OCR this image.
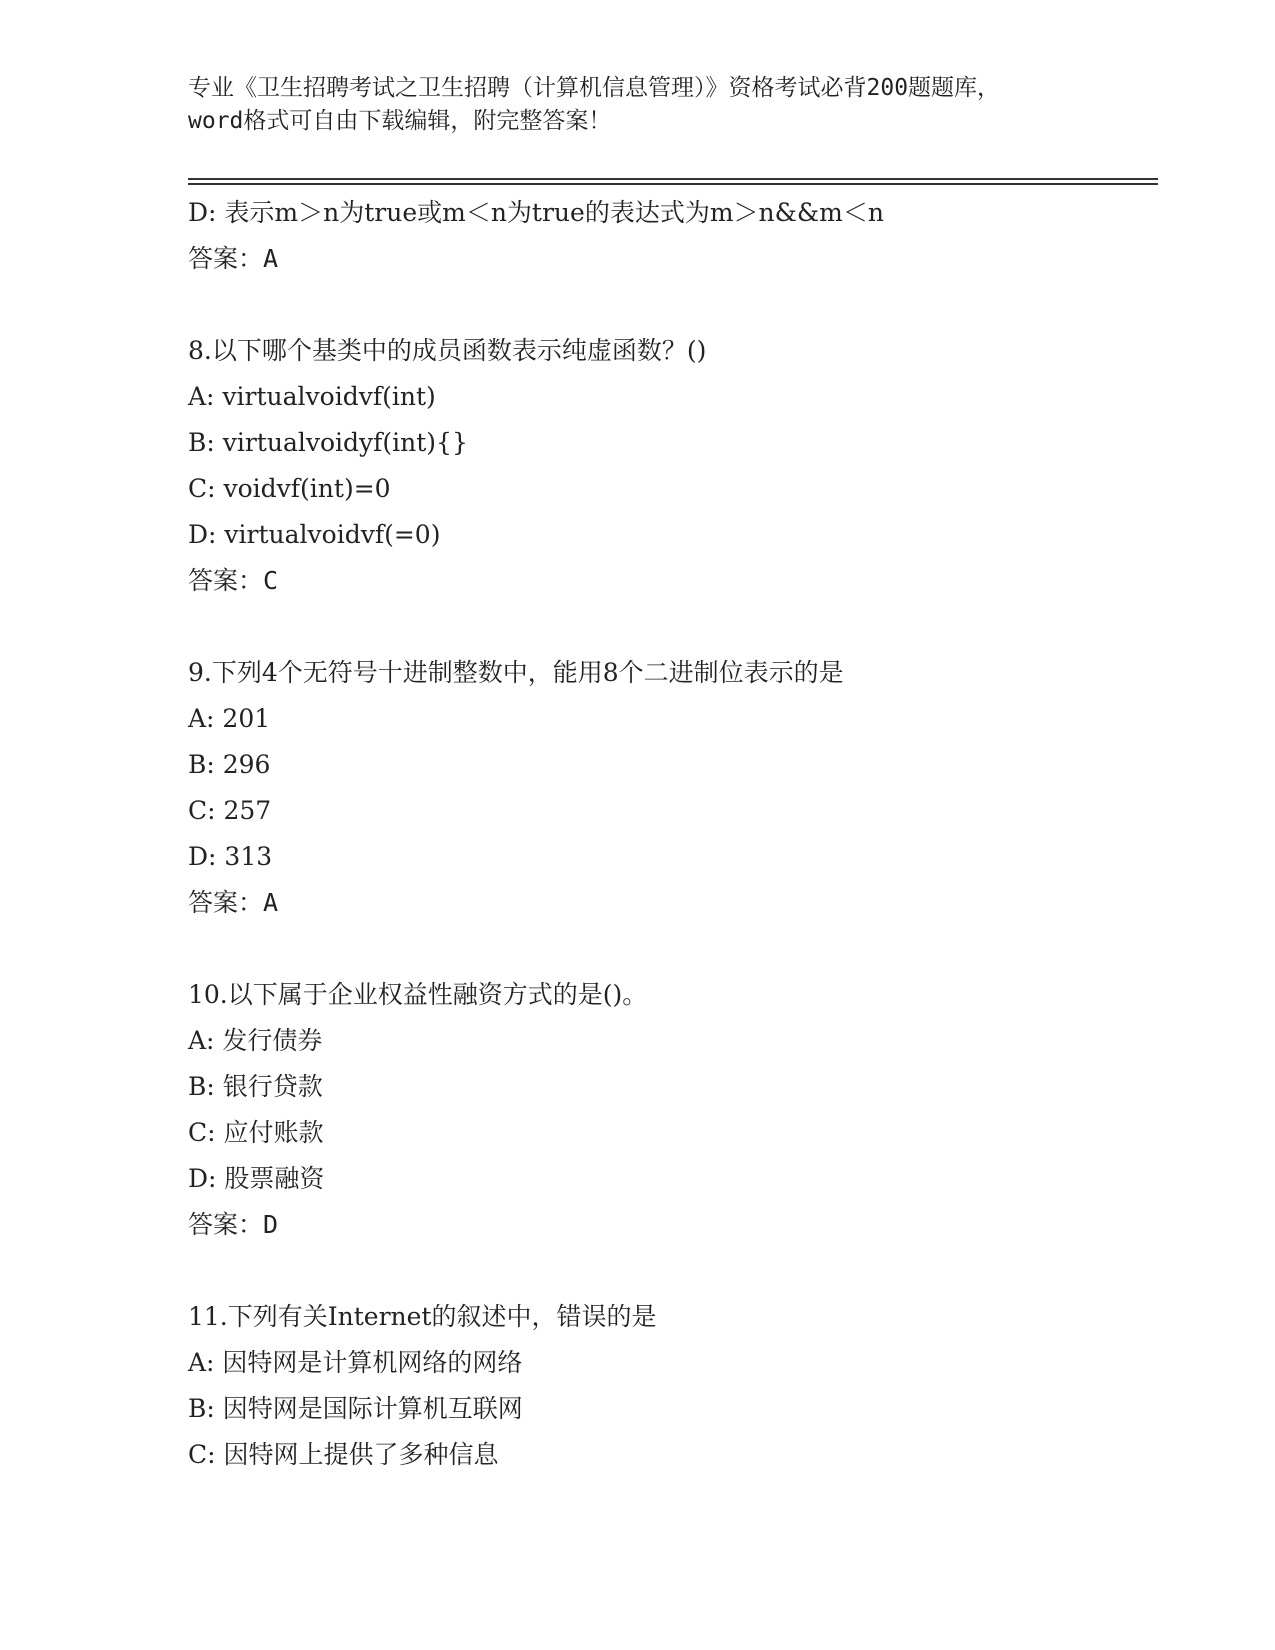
专业《卫生招聘考试之卫生招聘（计算机信息管理）》资格考试必背200题题库，
word格式可自由下载编辑，附完整答案！
D: 表示m＞n为true或m＜n为true的表达式为m＞n&&m＜n
答案：A
8.以下哪个基类中的成员函数表示纯虚函数？()
A: virtualvoidvf(int)
B: virtualvoidyf(int){}
C: voidvf(int)=0
D: virtualvoidvf(=0)
答案：C
9.下列4个无符号十进制整数中，能用8个二进制位表示的是
A: 201
B: 296
C: 257
D: 313
答案：A
10.以下属于企业权益性融资方式的是()。
A: 发行债券
B: 银行贷款
C: 应付账款
D: 股票融资
答案：D
11.下列有关Internet的叙述中，错误的是
A: 因特网是计算机网络的网络
B: 因特网是国际计算机互联网
C: 因特网上提供了多种信息
